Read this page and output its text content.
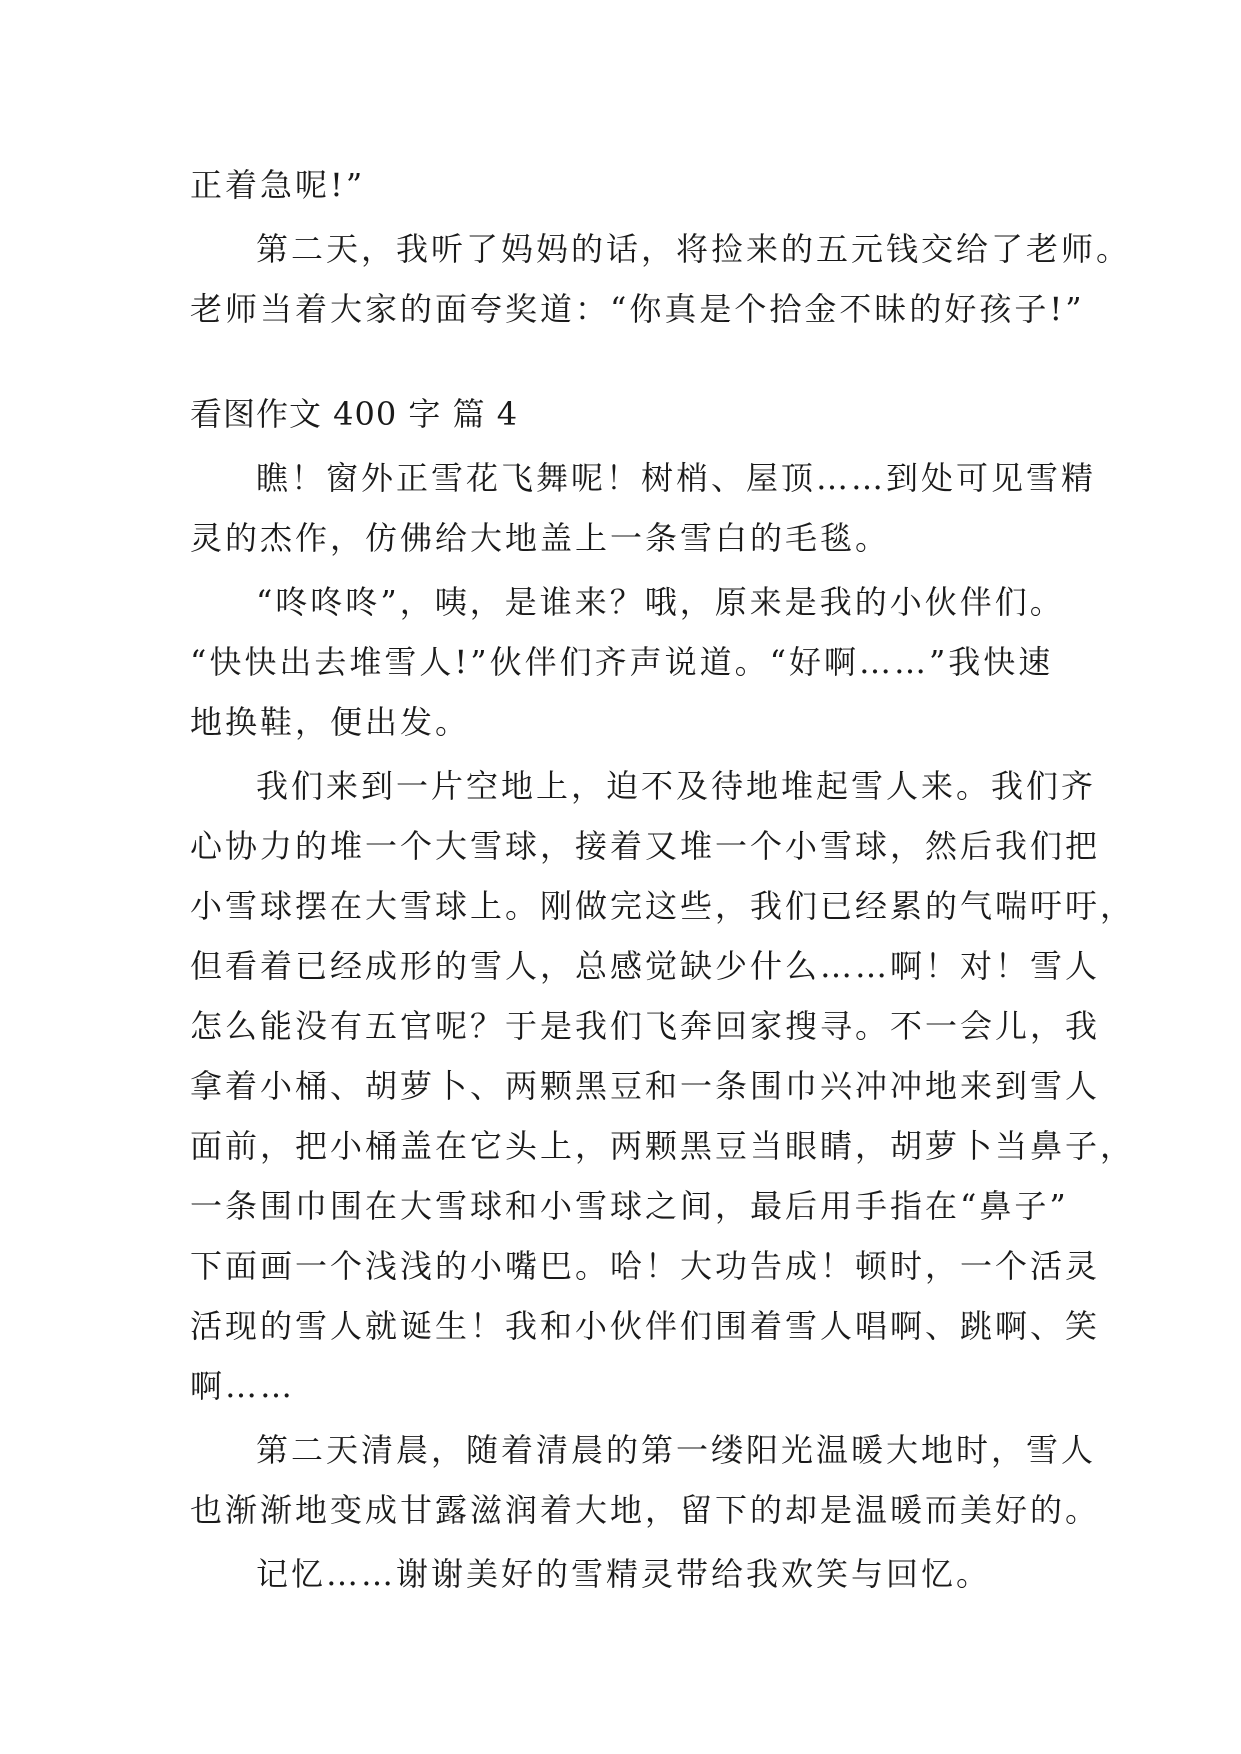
正着急呢!”
第二天，我听了妈妈的话，将捡来的五元钱交给了老师。
老师当着大家的面夸奖道：“你真是个拾金不昧的好孩子!”
看图作文 400 字 篇 4
瞧！窗外正雪花飞舞呢！树梢、屋顶……到处可见雪精
灵的杰作，仿佛给大地盖上一条雪白的毛毯。
“咚咚咚”，咦，是谁来？哦，原来是我的小伙伴们。
“快快出去堆雪人!”伙伴们齐声说道。“好啊……”我快速
地换鞋，便出发。
我们来到一片空地上，迫不及待地堆起雪人来。我们齐
心协力的堆一个大雪球，接着又堆一个小雪球，然后我们把
小雪球摆在大雪球上。刚做完这些，我们已经累的气喘吁吁，
但看着已经成形的雪人，总感觉缺少什么……啊！对！雪人
怎么能没有五官呢？于是我们飞奔回家搜寻。不一会儿，我
拿着小桶、胡萝卜、两颗黑豆和一条围巾兴冲冲地来到雪人
面前，把小桶盖在它头上，两颗黑豆当眼睛，胡萝卜当鼻子，
一条围巾围在大雪球和小雪球之间，最后用手指在“鼻子”
下面画一个浅浅的小嘴巴。哈！大功告成！顿时，一个活灵
活现的雪人就诞生！我和小伙伴们围着雪人唱啊、跳啊、笑
啊……
第二天清晨，随着清晨的第一缕阳光温暖大地时，雪人
也渐渐地变成甘露滋润着大地，留下的却是温暖而美好的。
记忆……谢谢美好的雪精灵带给我欢笑与回忆。
